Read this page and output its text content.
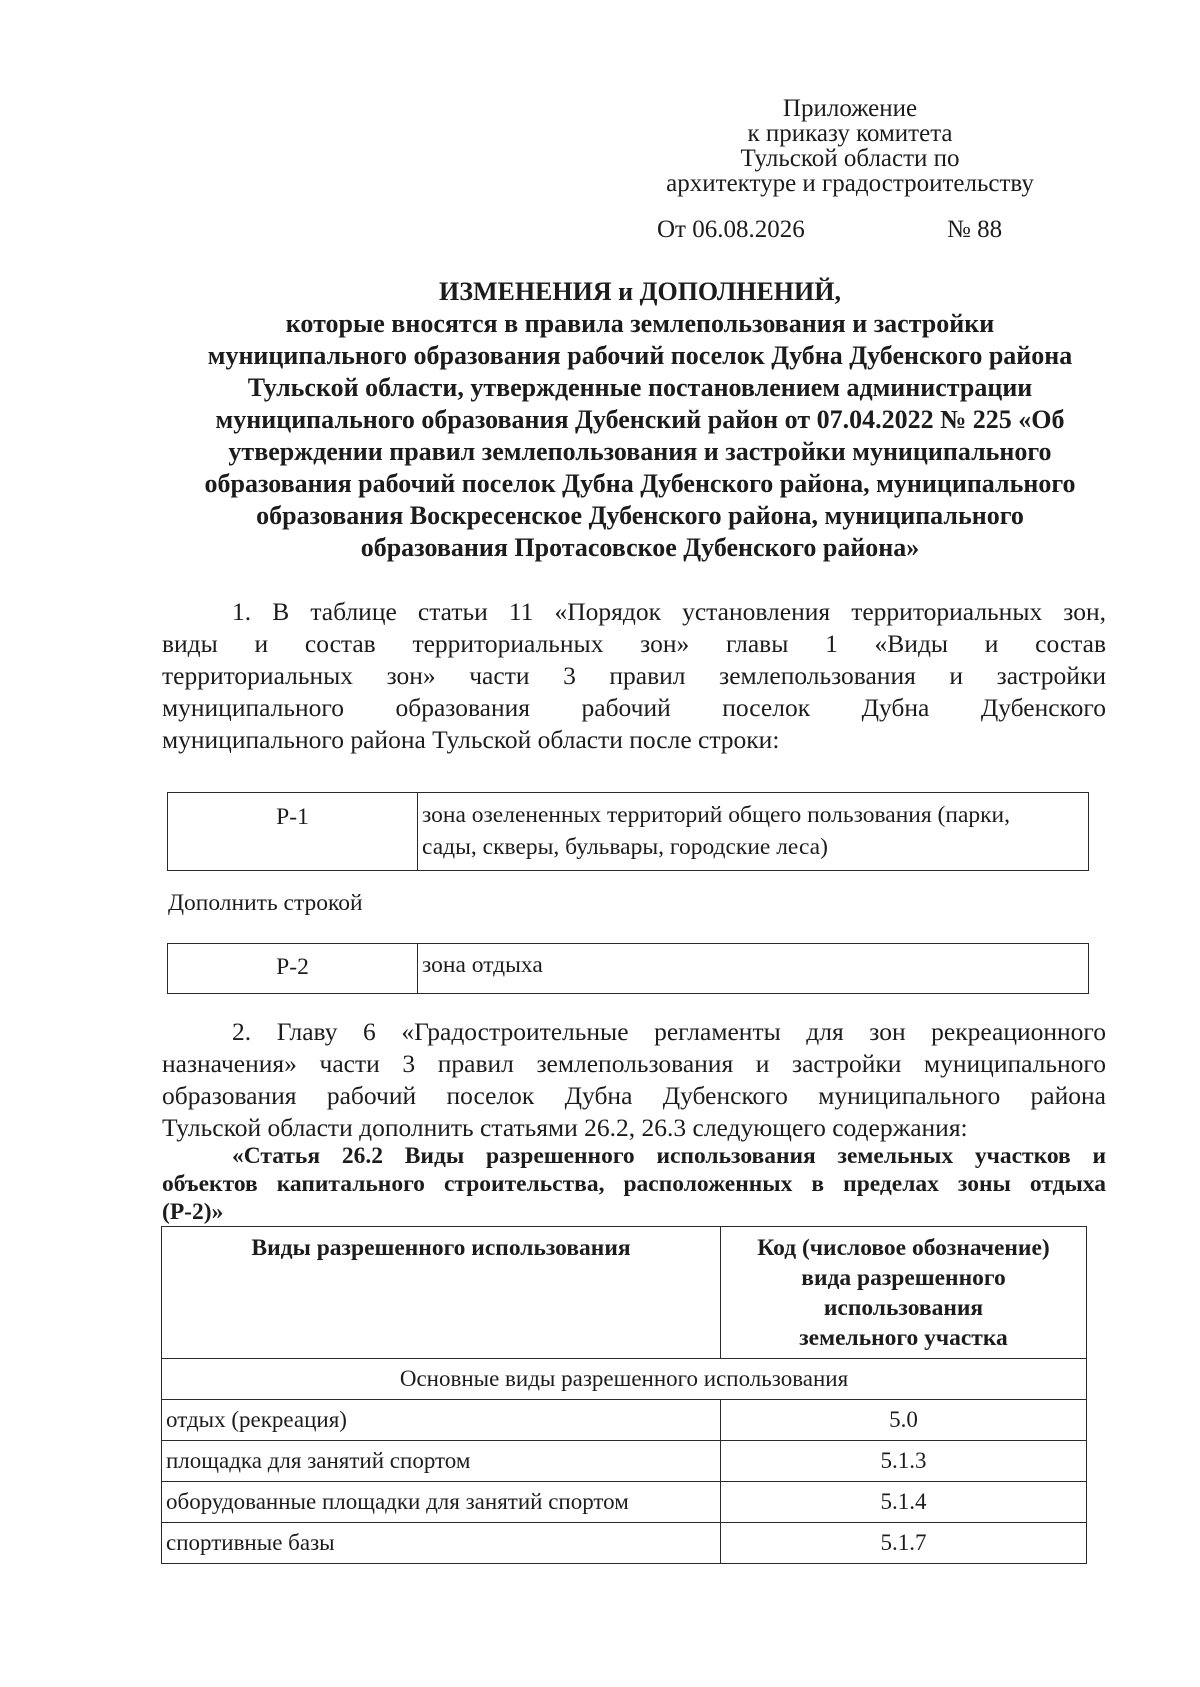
Приложение
к приказу комитета
Тульской области по
архитектуре и градостроительству
От 06.08.2026	№ 88
ИЗМЕНЕНИЯ и ДОПОЛНЕНИЙ,
которые вносятся в правила землепользования и застройки
муниципального образования рабочий поселок Дубна Дубенского района
Тульской области, утвержденные постановлением администрации
муниципального образования Дубенский район от 07.04.2022 № 225 «Об
утверждении правил землепользования и застройки муниципального
образования рабочий поселок Дубна Дубенского района, муниципального
образования Воскресенское Дубенского района, муниципального
образования Протасовское Дубенского района»
1. В таблице статьи 11 «Порядок установления территориальных зон,
виды и состав территориальных зон» главы 1 «Виды и состав
территориальных зон» части 3 правил землепользования и застройки
муниципального образования рабочий поселок Дубна Дубенского
муниципального района Тульской области после строки:
Р-1	зона озелененных территорий общего пользования (парки,
сады, скверы, бульвары, городские леса)
Дополнить строкой
Р-2	зона отдыха
2. Главу 6 «Градостроительные регламенты для зон рекреационного
назначения» части 3 правил землепользования и застройки муниципального
образования рабочий поселок Дубна Дубенского муниципального района
Тульской области дополнить статьями 26.2, 26.3 следующего содержания:
«Статья 26.2 Виды разрешенного использования земельных участков и
объектов капитального строительства, расположенных в пределах зоны отдыха
(Р-2)»
Виды разрешенного использования	Код (числовое обозначение)
вида разрешенного
использования
земельного участка

Основные виды разрешенного использования	
отдых (рекреация)	5.0
площадка для занятий спортом	5.1.3
оборудованные площадки для занятий спортом	5.1.4
спортивные базы	5.1.7
